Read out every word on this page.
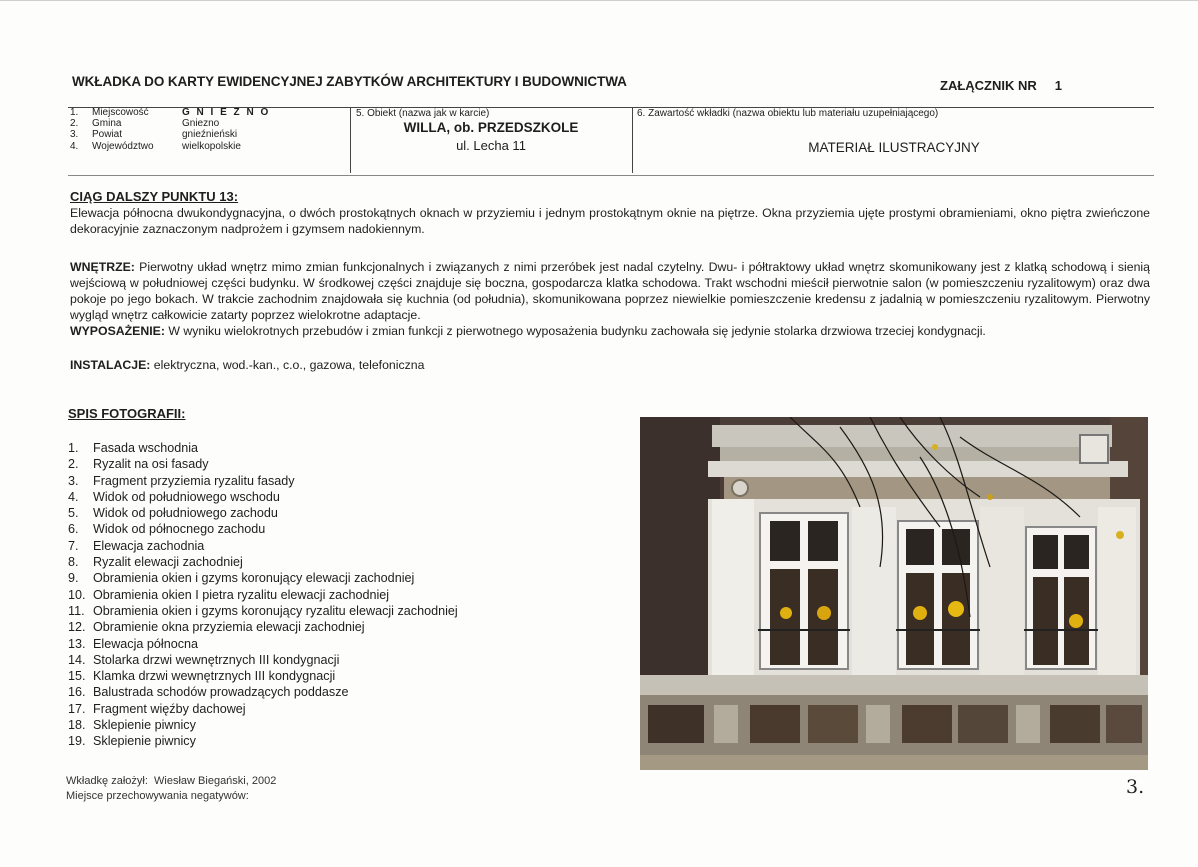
WKŁADKA DO KARTY EWIDENCYJNEJ ZABYTKÓW ARCHITEKTURY I BUDOWNICTWA	ZAŁĄCZNIK NR 1
1. Miejscowość	G N I E Z N O
2. Gmina	Gniezno
3. Powiat	gnieźnieński
4. Województwo	wielkopolskie
5. Obiekt (nazwa jak w karcie)
WILLA, ob. PRZEDSZKOLE
ul. Lecha 11
6. Zawartość wkładki (nazwa obiektu lub materiału uzupełniającego)
MATERIAŁ ILUSTRACYJNY
CIĄG DALSZY PUNKTU 13:
Elewacja północna dwukondygnacyjna, o dwóch prostokątnych oknach w przyziemiu i jednym prostokątnym oknie na piętrze. Okna przyziemia ujęte prostymi obramieniami, okno piętra zwieńczone dekoracyjnie zaznaczonym nadprożem i gzymsem nadokiennym.
WNĘTRZE: Pierwotny układ wnętrz mimo zmian funkcjonalnych i związanych z nimi przeróbek jest nadal czytelny. Dwu- i półtraktowy układ wnętrz skomunikowany jest z klatką schodową i sienią wejściową w południowej części budynku. W środkowej części znajduje się boczna, gospodarcza klatka schodowa. Trakt wschodni mieścił pierwotnie salon (w pomieszczeniu ryzalitowym) oraz dwa pokoje po jego bokach. W trakcie zachodnim znajdowała się kuchnia (od południa), skomunikowana poprzez niewielkie pomieszczenie kredensu z jadalnią w pomieszczeniu ryzalitowym. Pierwotny wygląd wnętrz całkowicie zatarty poprzez wielokrotne adaptacje.
WYPOSAŻENIE: W wyniku wielokrotnych przebudów i zmian funkcji z pierwotnego wyposażenia budynku zachowała się jedynie stolarka drzwiowa trzeciej kondygnacji.
INSTALACJE: elektryczna, wod.-kan., c.o., gazowa, telefoniczna
SPIS FOTOGRAFII:
1. Fasada wschodnia
2. Ryzalit na osi fasady
3. Fragment przyziemia ryzalitu fasady
4. Widok od południowego wschodu
5. Widok od południowego zachodu
6. Widok od północnego zachodu
7. Elewacja zachodnia
8. Ryzalit elewacji zachodniej
9. Obramienia okien i gzyms koronujący elewacji zachodniej
10. Obramienia okien I pietra ryzalitu elewacji zachodniej
11. Obramienia okien i gzyms koronujący ryzalitu elewacji zachodniej
12. Obramienie okna przyziemia elewacji zachodniej
13. Elewacja północna
14. Stolarka drzwi wewnętrznych III kondygnacji
15. Klamka drzwi wewnętrznych III kondygnacji
16. Balustrada schodów prowadzących poddasze
17. Fragment więźby dachowej
18. Sklepienie piwnicy
19. Sklepienie piwnicy
Wkładkę założył: Wiesław Biegański, 2002
Miejsce przechowywania negatywów:	3.
